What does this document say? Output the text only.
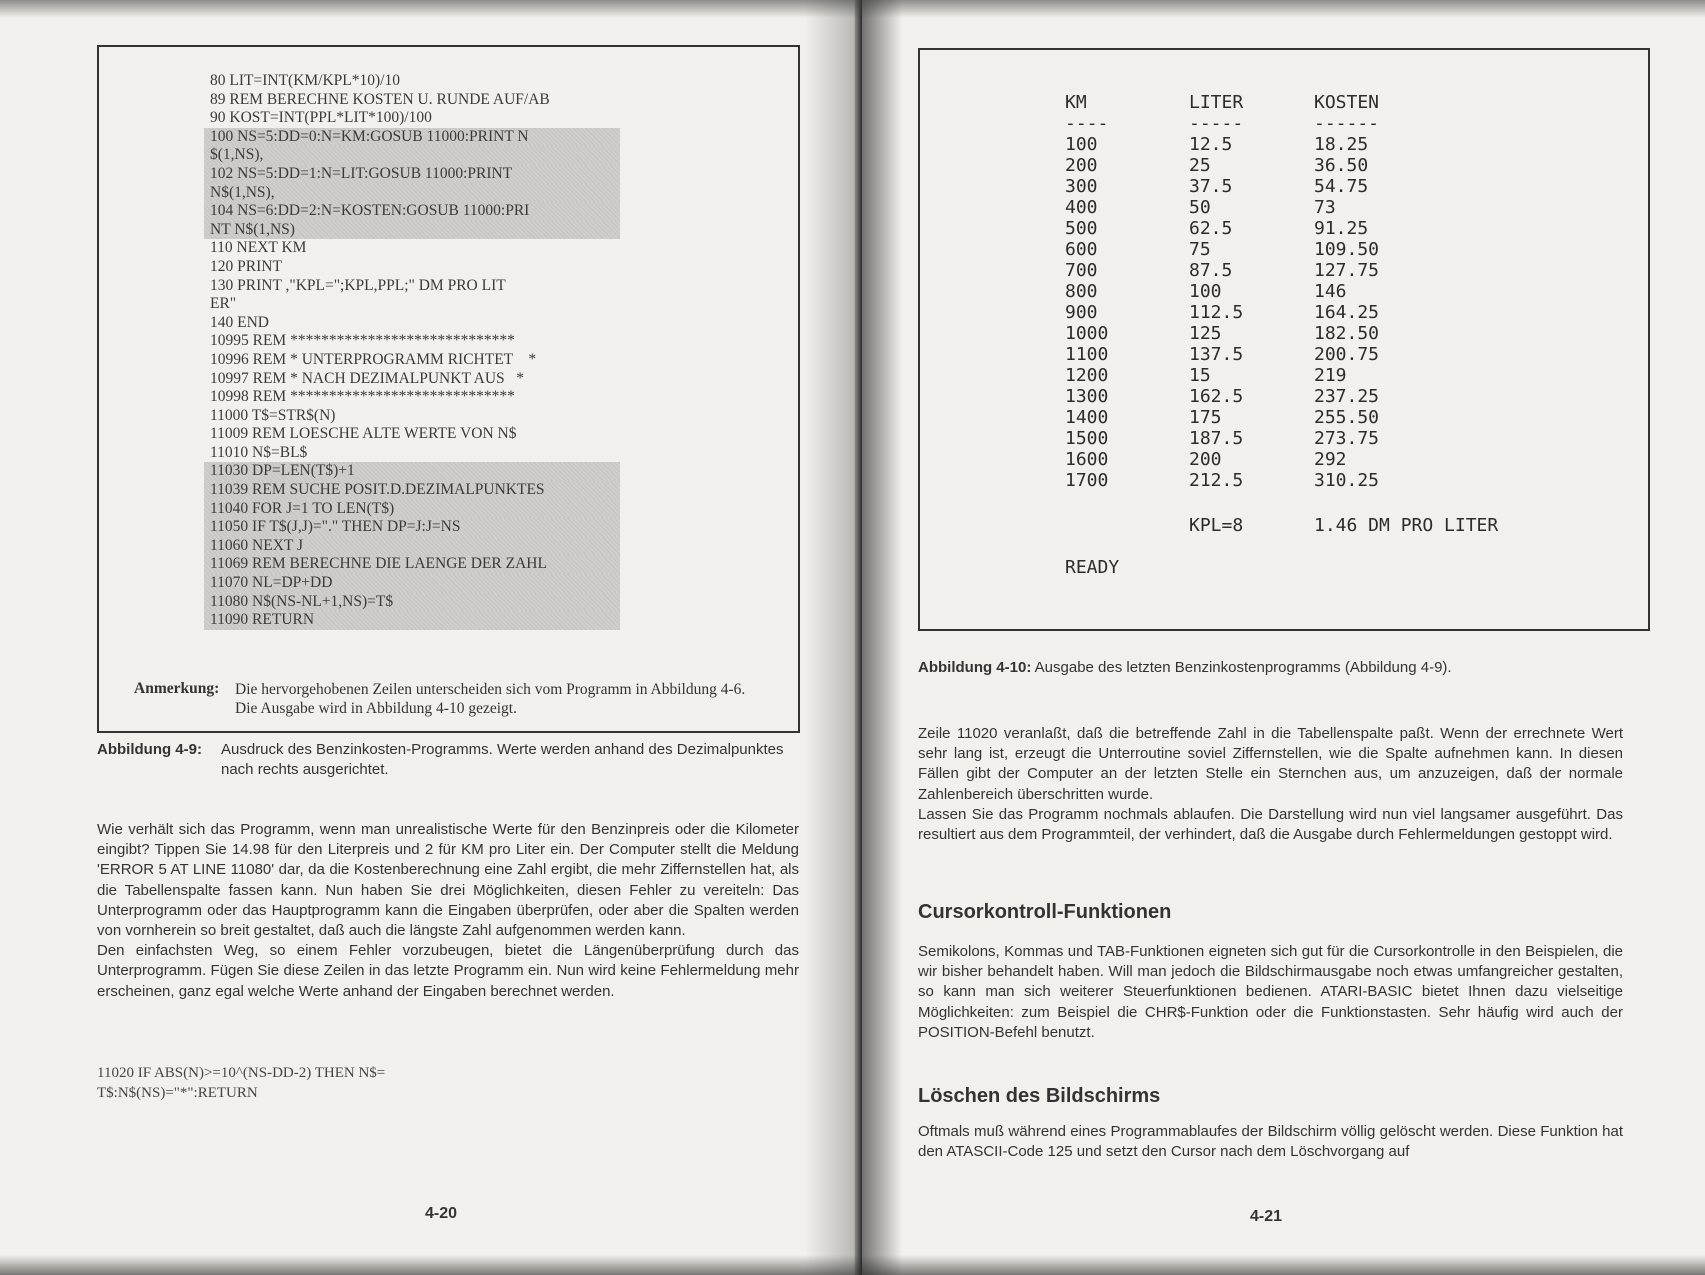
80 LIT=INT(KM/KPL*10)/10
89 REM BERECHNE KOSTEN U. RUNDE AUF/AB
90 KOST=INT(PPL*LIT*100)/100
100 NS=5:DD=0:N=KM:GOSUB 11000:PRINT N
$(1,NS),
102 NS=5:DD=1:N=LIT:GOSUB 11000:PRINT
N$(1,NS),
104 NS=6:DD=2:N=KOSTEN:GOSUB 11000:PRI
NT N$(1,NS)
110 NEXT KM
120 PRINT
130 PRINT ,"KPL=";KPL,PPL;" DM PRO LIT
ER"
140 END
10995 REM *****************************
10996 REM * UNTERPROGRAMM RICHTET    *
10997 REM * NACH DEZIMALPUNKT AUS   *
10998 REM *****************************
11000 T$=STR$(N)
11009 REM LOESCHE ALTE WERTE VON N$
11010 N$=BL$
11030 DP=LEN(T$)+1
11039 REM SUCHE POSIT.D.DEZIMALPUNKTES
11040 FOR J=1 TO LEN(T$)
11050 IF T$(J,J)="." THEN DP=J:J=NS
11060 NEXT J
11069 REM BERECHNE DIE LAENGE DER ZAHL
11070 NL=DP+DD
11080 N$(NS-NL+1,NS)=T$
11090 RETURN
Anmerkung: Die hervorgehobenen Zeilen unterscheiden sich vom Programm in Abbildung 4-6. Die Ausgabe wird in Abbildung 4-10 gezeigt.
Abbildung 4-9: Ausdruck des Benzinkosten-Programms. Werte werden anhand des Dezimalpunktes nach rechts ausgerichtet.

Wie verhält sich das Programm, wenn man unrealistische Werte für den Benzinpreis oder die Kilometer eingibt? Tippen Sie 14.98 für den Literpreis und 2 für KM pro Liter ein. Der Computer stellt die Meldung 'ERROR 5 AT LINE 11080' dar, da die Kostenberechnung eine Zahl ergibt, die mehr Ziffernstellen hat, als die Tabellenspalte fassen kann. Nun haben Sie drei Möglichkeiten, diesen Fehler zu vereiteln: Das Unterprogramm oder das Hauptprogramm kann die Eingaben überprüfen, oder aber die Spalten werden von vornherein so breit gestaltet, daß auch die längste Zahl aufgenommen werden kann.

Den einfachsten Weg, so einem Fehler vorzubeugen, bietet die Längenüberprüfung durch das Unterprogramm. Fügen Sie diese Zeilen in das letzte Programm ein. Nun wird keine Fehlermeldung mehr erscheinen, ganz egal welche Werte anhand der Eingaben berechnet werden.

11020 IF ABS(N)>=10^(NS-DD-2) THEN N$=
T$:N$(NS)="*":RETURN
4-20
KM
----
100
200
300
400
500
600
700
800
900
1000
1100
1200
1300
1400
1500
1600
1700
LITER
-----
12.5
25
37.5
50
62.5
75
87.5
100
112.5
125
137.5
15
162.5
175
187.5
200
212.5
KOSTEN
------
18.25
36.50
54.75
73
91.25
109.50
127.75
146
164.25
182.50
200.75
219
237.25
255.50
273.75
292
310.25
KPL=8	1.46 DM PRO LITER
READY
Abbildung 4-10: Ausgabe des letzten Benzinkostenprogramms (Abbildung 4-9).

Zeile 11020 veranlaßt, daß die betreffende Zahl in die Tabellenspalte paßt. Wenn der errechnete Wert sehr lang ist, erzeugt die Unterroutine soviel Ziffernstellen, wie die Spalte aufnehmen kann. In diesen Fällen gibt der Computer an der letzten Stelle ein Sternchen aus, um anzuzeigen, daß der normale Zahlenbereich überschritten wurde.

Lassen Sie das Programm nochmals ablaufen. Die Darstellung wird nun viel langsamer ausgeführt. Das resultiert aus dem Programmteil, der verhindert, daß die Ausgabe durch Fehlermeldungen gestoppt wird.

Cursorkontroll-Funktionen
Semikolons, Kommas und TAB-Funktionen eigneten sich gut für die Cursorkontrolle in den Beispielen, die wir bisher behandelt haben. Will man jedoch die Bildschirmausgabe noch etwas umfangreicher gestalten, so kann man sich weiterer Steuerfunktionen bedienen. ATARI-BASIC bietet Ihnen dazu vielseitige Möglichkeiten: zum Beispiel die CHR$-Funktion oder die Funktionstasten. Sehr häufig wird auch der POSITION-Befehl benutzt.
Löschen des Bildschirms
Oftmals muß während eines Programmablaufes der Bildschirm völlig gelöscht werden. Diese Funktion hat den ATASCII-Code 125 und setzt den Cursor nach dem Löschvorgang auf
4-21
